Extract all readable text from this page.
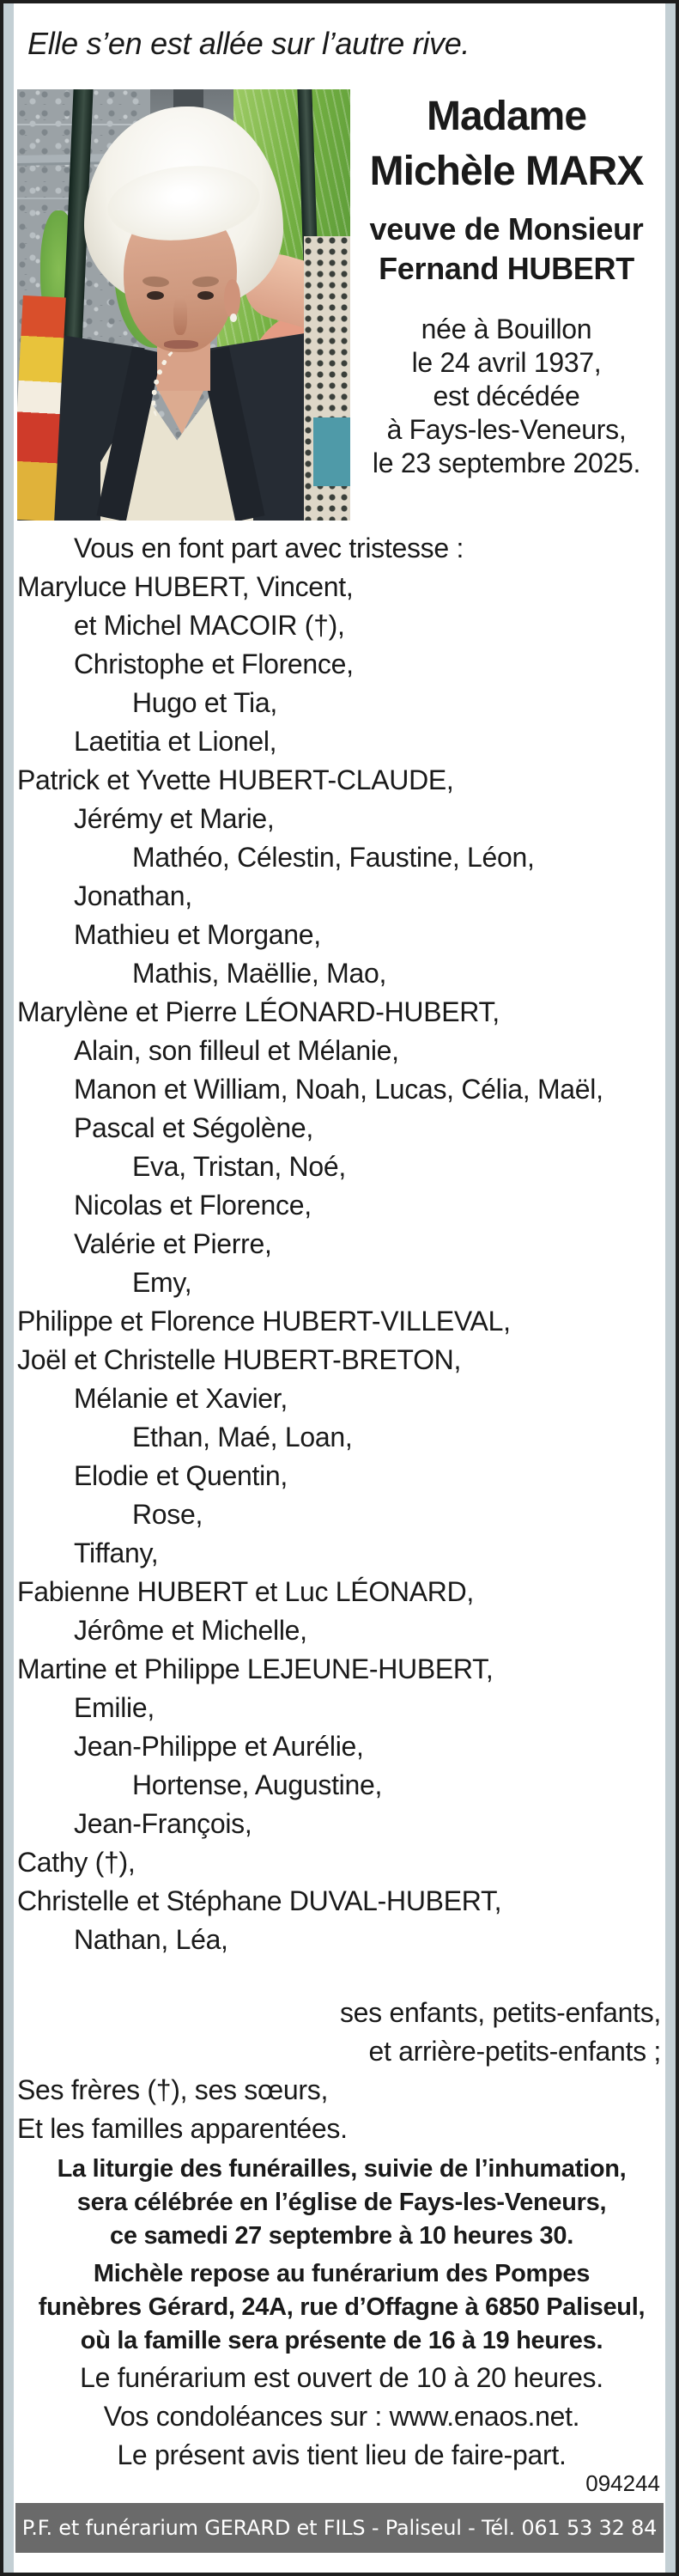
Elle s’en est allée sur l’autre rive.
Madame
Michèle MARX
veuve de Monsieur
Fernand HUBERT
née à Bouillon
le 24 avril 1937,
est décédée
à Fays-les-Veneurs,
le 23 septembre 2025.
Vous en font part avec tristesse :
Maryluce HUBERT, Vincent,
et Michel MACOIR (†),
Christophe et Florence,
Hugo et Tia,
Laetitia et Lionel,
Patrick et Yvette HUBERT-CLAUDE,
Jérémy et Marie,
Mathéo, Célestin, Faustine, Léon,
Jonathan,
Mathieu et Morgane,
Mathis, Maëllie, Mao,
Marylène et Pierre LÉONARD-HUBERT,
Alain, son filleul et Mélanie,
Manon et William, Noah, Lucas, Célia, Maël,
Pascal et Ségolène,
Eva, Tristan, Noé,
Nicolas et Florence,
Valérie et Pierre,
Emy,
Philippe et Florence HUBERT-VILLEVAL,
Joël et Christelle HUBERT-BRETON,
Mélanie et Xavier,
Ethan, Maé, Loan,
Elodie et Quentin,
Rose,
Tiffany,
Fabienne HUBERT et Luc LÉONARD,
Jérôme et Michelle,
Martine et Philippe LEJEUNE-HUBERT,
Emilie,
Jean-Philippe et Aurélie,
Hortense, Augustine,
Jean-François,
Cathy (†),
Christelle et Stéphane DUVAL-HUBERT,
Nathan, Léa,
ses enfants, petits-enfants,
et arrière-petits-enfants ;
Ses frères (†), ses sœurs,
Et les familles apparentées.
La liturgie des funérailles, suivie de l’inhumation,
sera célébrée en l’église de Fays-les-Veneurs,
ce samedi 27 septembre à 10 heures 30.
Michèle repose au funérarium des Pompes
funèbres Gérard, 24A, rue d’Offagne à 6850 Paliseul,
où la famille sera présente de 16 à 19 heures.
Le funérarium est ouvert de 10 à 20 heures.
Vos condoléances sur : www.enaos.net.
Le présent avis tient lieu de faire-part.
094244
P.F. et funérarium GERARD et FILS - Paliseul - Tél. 061 53 32 84
